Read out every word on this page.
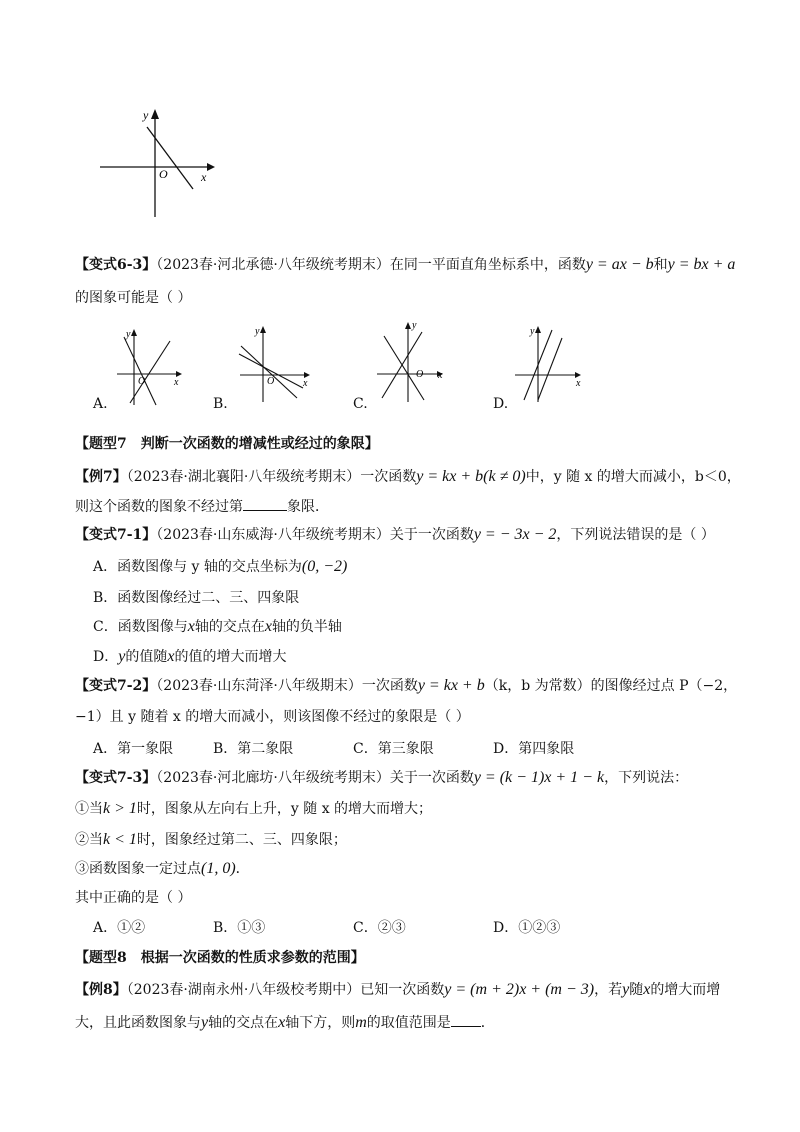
y
x
O
【变式6-3】（2023春·河北承德·八年级统考期末）在同一平面直角坐标系中，函数y = ax − b和y = bx + a
的图象可能是（ ）
y
x
O
y
x
O
y
x
O
y
x
A.	B.	C.	D.
【题型7　判断一次函数的增减性或经过的象限】
【例7】（2023春·湖北襄阳·八年级统考期末）一次函数y = kx + b(k ≠ 0)中，y 随 x 的增大而减小，b＜0，
则这个函数的图象不经过第	象限．
【变式7-1】（2023春·山东威海·八年级统考期末）关于一次函数y = − 3x − 2，下列说法错误的是（ ）
A．函数图像与 y 轴的交点坐标为(0, −2)
B．函数图像经过二、三、四象限
C．函数图像与x轴的交点在x轴的负半轴
D．y的值随x的值的增大而增大
【变式7-2】（2023春·山东菏泽·八年级期末）一次函数y = kx + b（k，b 为常数）的图像经过点 P（−2，
−1）且 y 随着 x 的增大而减小，则该图像不经过的象限是（ ）
A．第一象限	B．第二象限	C．第三象限	D．第四象限
【变式7-3】（2023春·河北廊坊·八年级统考期末）关于一次函数y = (k − 1)x + 1 − k，下列说法：
①当k > 1时，图象从左向右上升，y 随 x 的增大而增大；
②当k < 1时，图象经过第二、三、四象限；
③函数图象一定过点(1, 0)．
其中正确的是（ ）
A．①②	B．①③	C．②③	D．①②③
【题型8　根据一次函数的性质求参数的范围】
【例8】（2023春·湖南永州·八年级校考期中）已知一次函数y = (m + 2)x + (m − 3)，若y随x的增大而增
大，且此函数图象与y轴的交点在x轴下方，则m的取值范围是 ．
